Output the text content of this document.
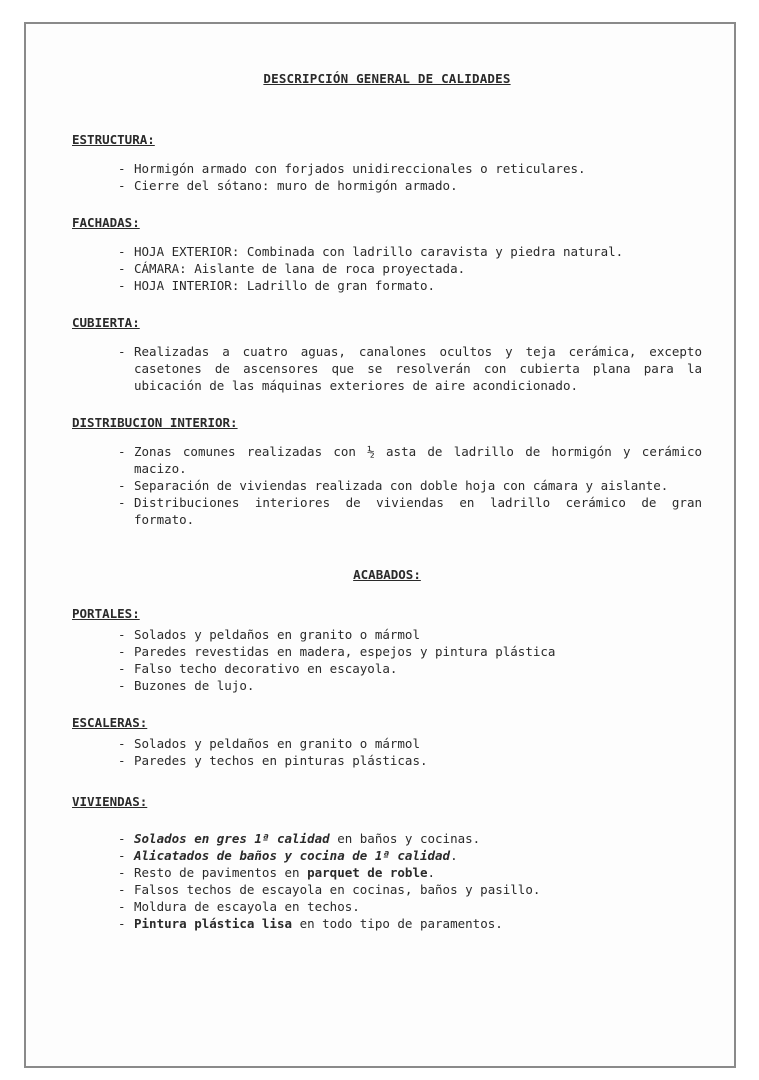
DESCRIPCIÓN GENERAL DE CALIDADES
ESTRUCTURA:
- Hormigón armado con forjados unidireccionales o reticulares.
- Cierre del sótano: muro de hormigón armado.
FACHADAS:
- HOJA EXTERIOR: Combinada con ladrillo caravista y piedra natural.
- CÁMARA: Aislante de lana de roca proyectada.
- HOJA INTERIOR: Ladrillo de gran formato.
CUBIERTA:
- Realizadas a cuatro aguas, canalones ocultos y teja cerámica, excepto casetones de ascensores que se resolverán con cubierta plana para la ubicación de las máquinas exteriores de aire acondicionado.
DISTRIBUCION INTERIOR:
- Zonas comunes realizadas con ½ asta de ladrillo de hormigón y cerámico macizo.
- Separación de viviendas realizada con doble hoja con cámara y aislante.
- Distribuciones interiores de viviendas en ladrillo cerámico de gran formato.
ACABADOS:
PORTALES:
- Solados y peldaños en granito o mármol
- Paredes revestidas en madera, espejos y pintura plástica
- Falso techo decorativo en escayola.
- Buzones de lujo.
ESCALERAS:
- Solados y peldaños en granito o mármol
- Paredes y techos en pinturas plásticas.
VIVIENDAS:
- Solados en gres 1ª calidad en baños y cocinas.
- Alicatados de baños y cocina de 1ª calidad.
- Resto de pavimentos en parquet de roble.
- Falsos techos de escayola en cocinas, baños y pasillo.
- Moldura de escayola en techos.
- Pintura plástica lisa en todo tipo de paramentos.
